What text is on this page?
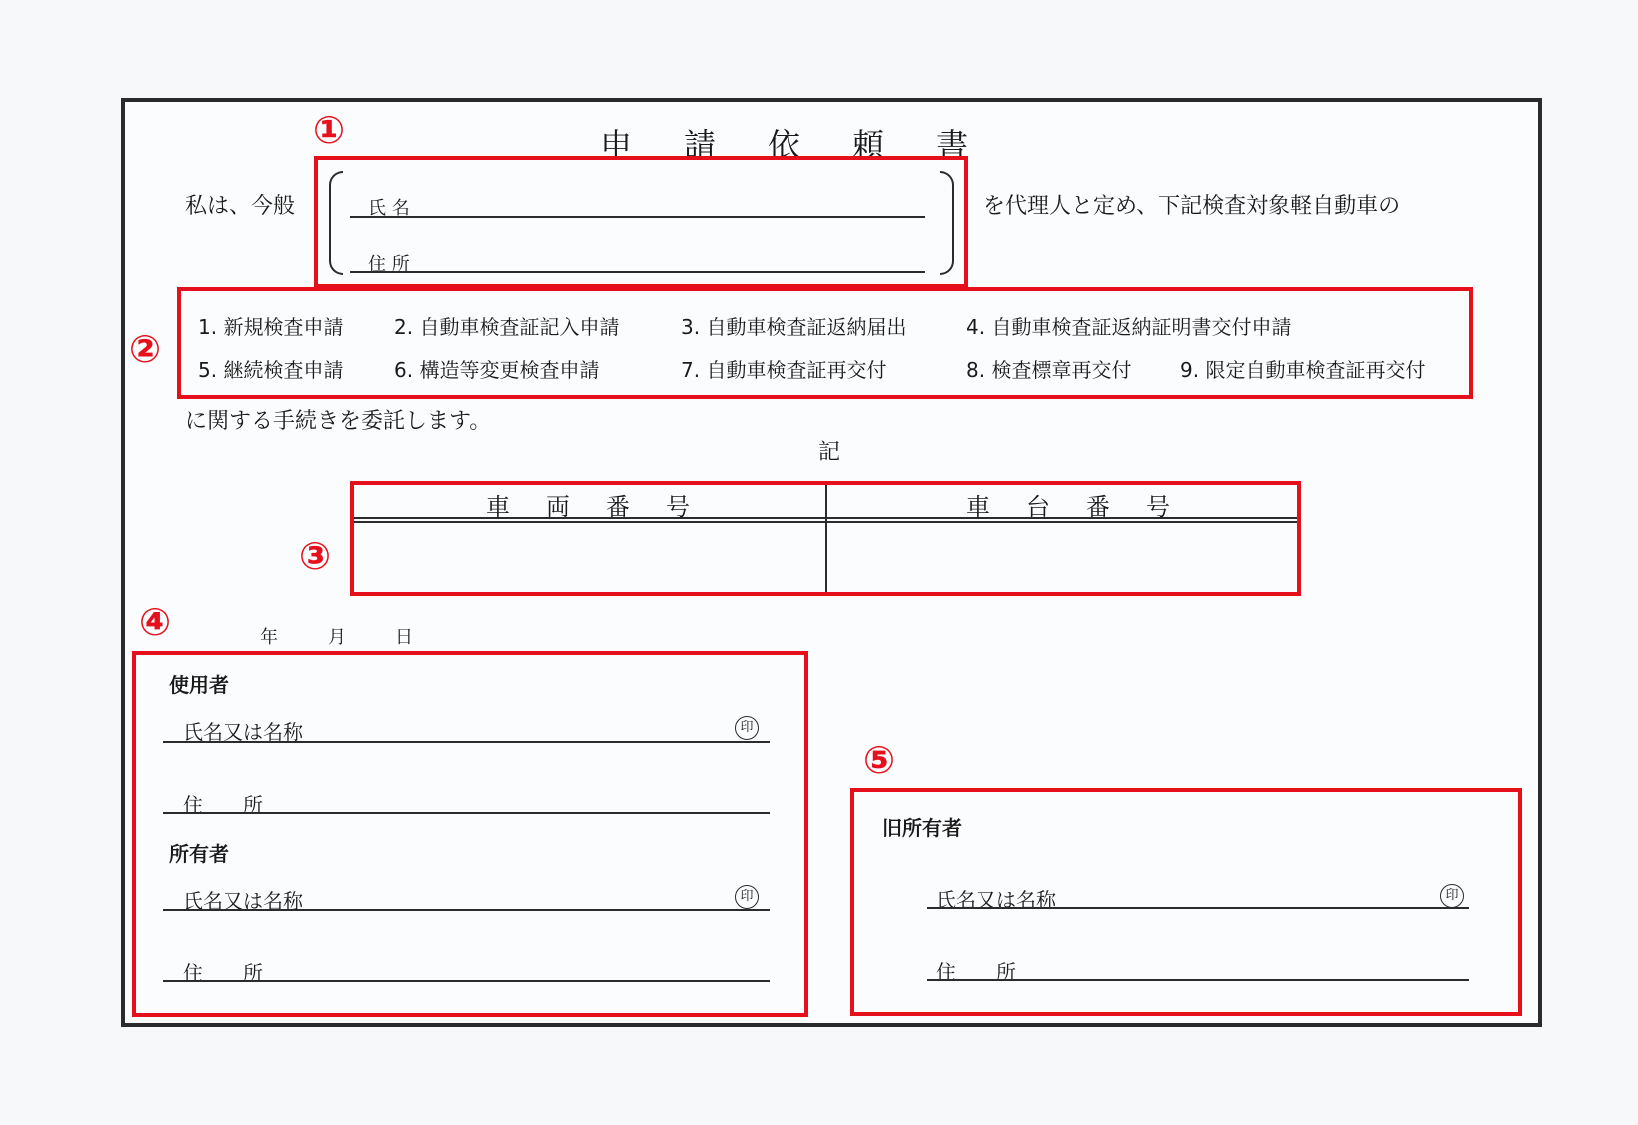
申 請 依 頼 書
①
私は、今般	氏 名
住 所
を代理人と定め、下記検査対象軽自動車の
② 1. 新規検査申請	2. 自動車検査証記入申請	3. 自動車検査証返納届出	4. 自動車検査証返納証明書交付申請
5. 継続検査申請	6. 構造等変更検査申請	7. 自動車検査証再交付	8. 検査標章再交付 9. 限定自動車検査証再交付
に関する手続きを委託します。
記
③
車 両 番 号	車 台 番 号
④	年	月	日
使用者
氏名又は名称	印
住　　所
所有者
氏名又は名称	印
住　　所
⑤
旧所有者
氏名又は名称	印
住　　所
